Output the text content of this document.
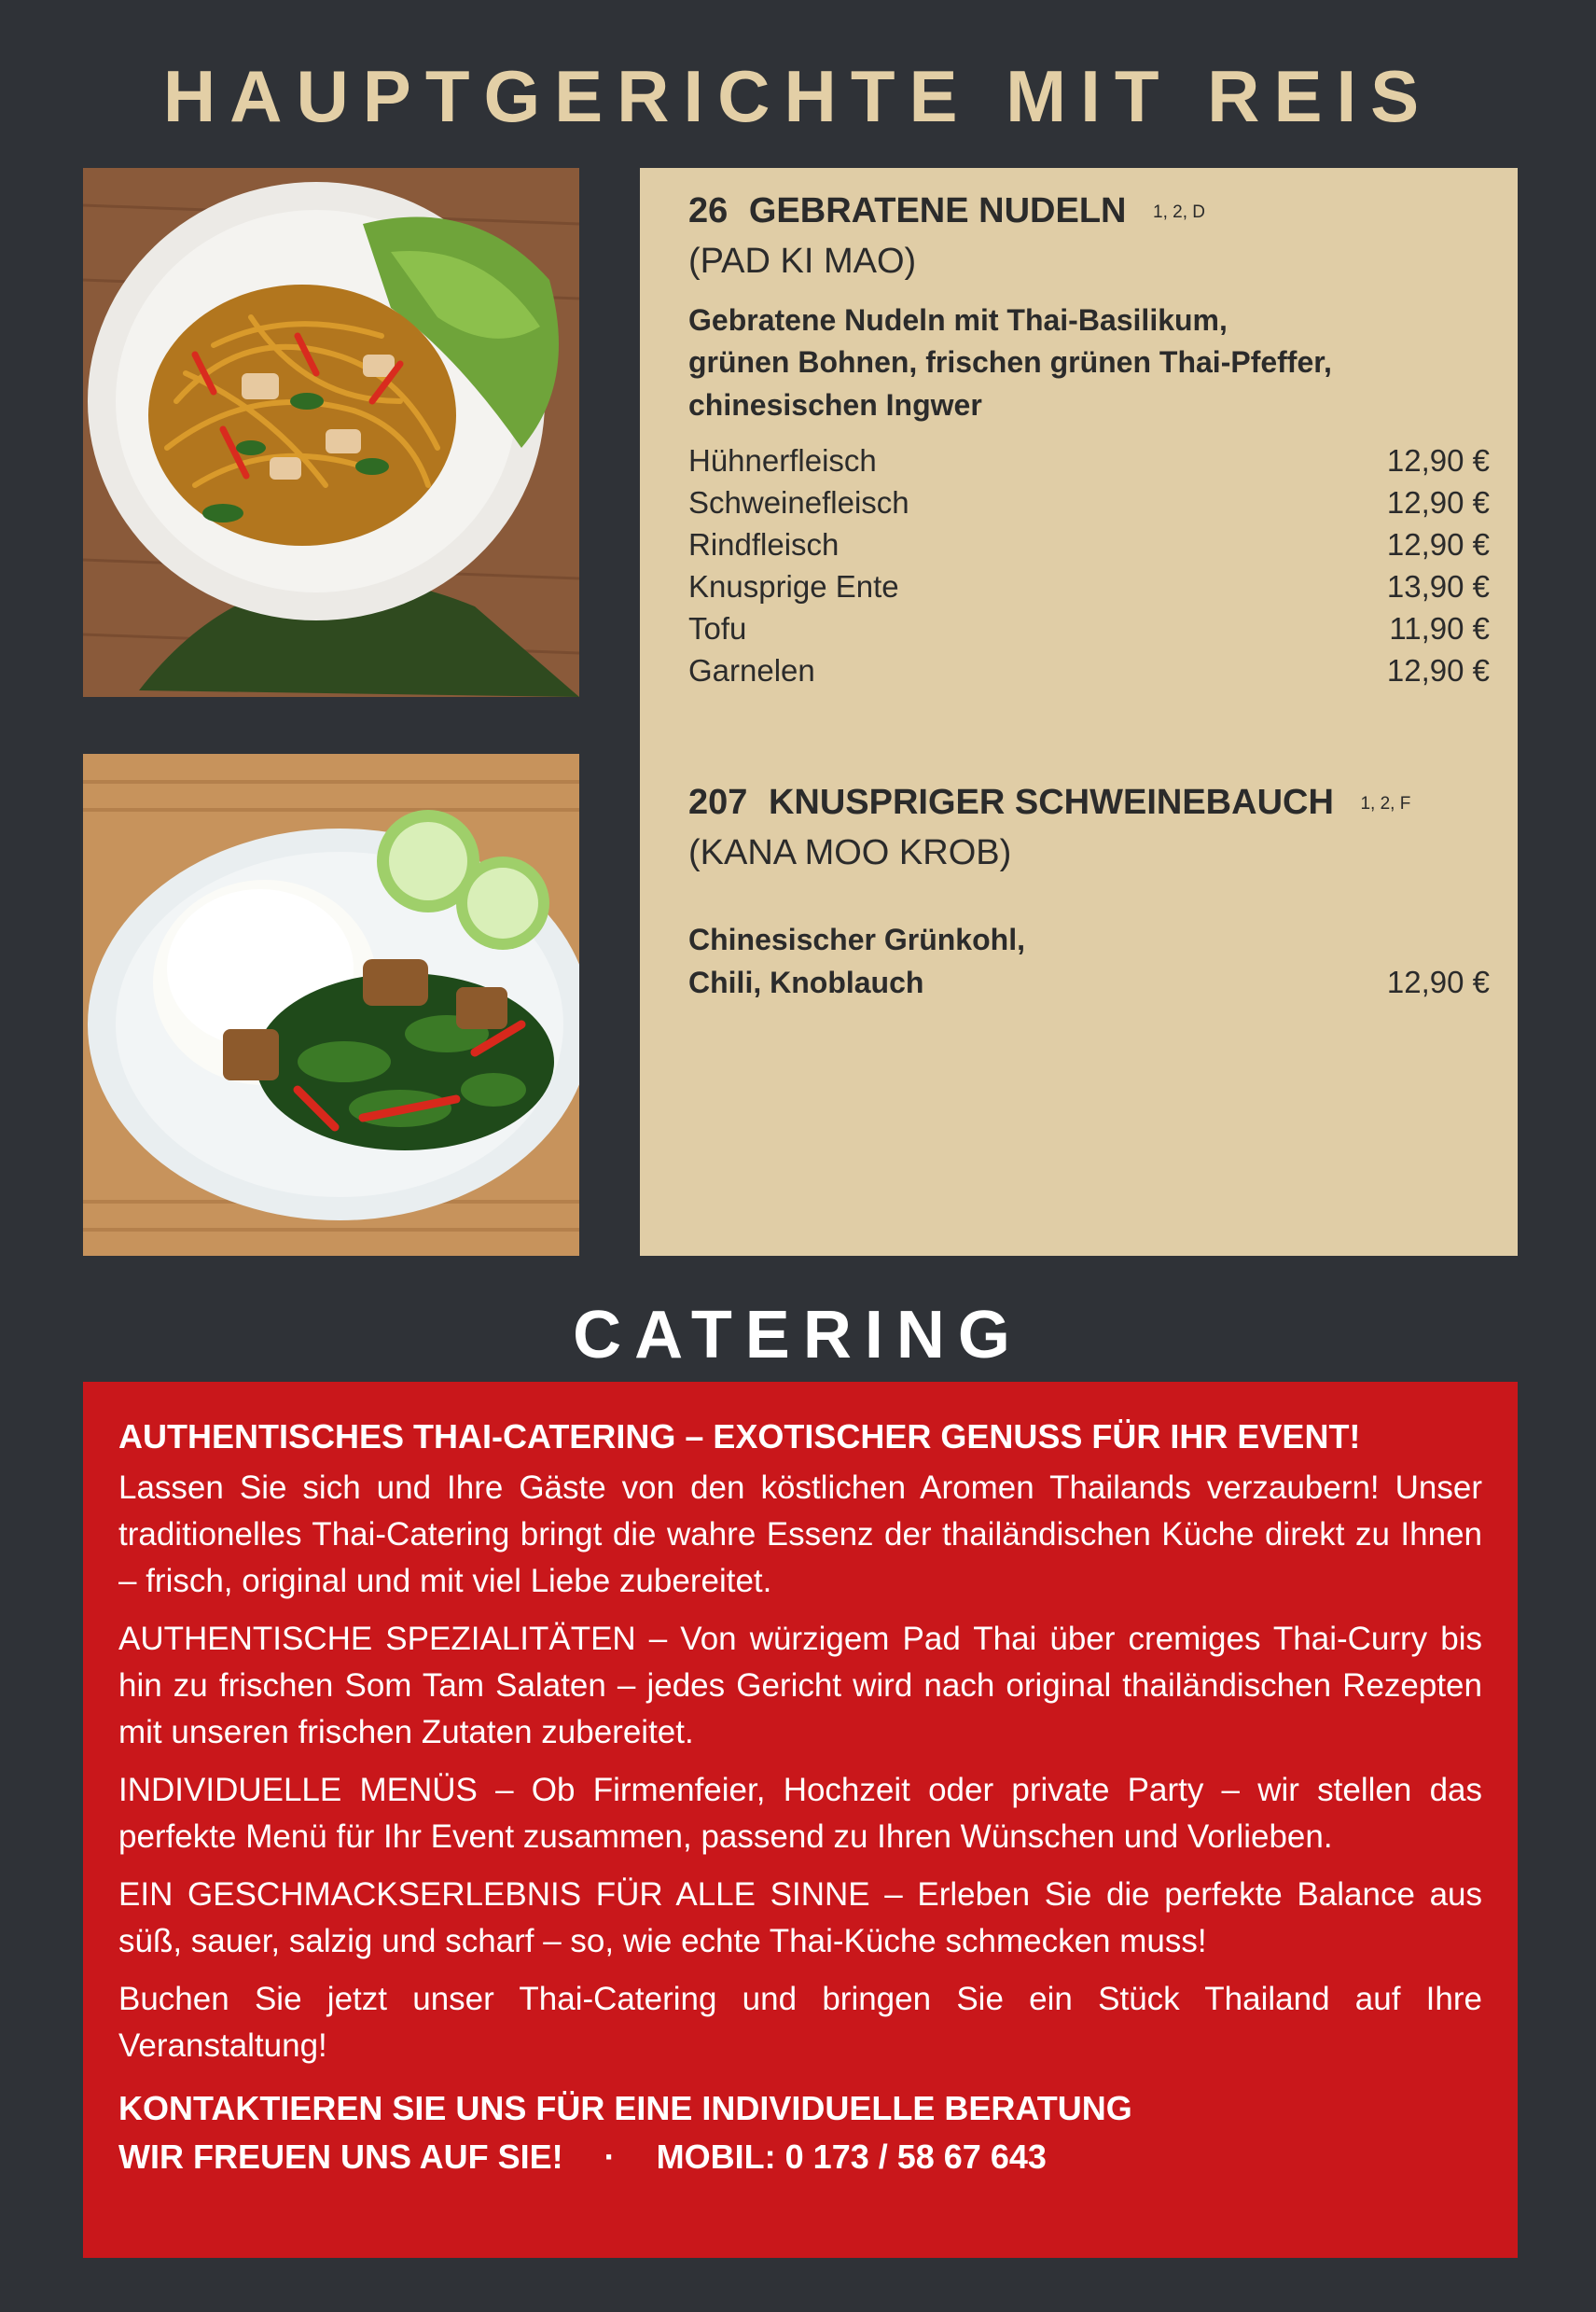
HAUPTGERICHTE MIT REIS
26 GEBRATENE NUDELN 1, 2, D
(PAD KI MAO)
Gebratene Nudeln mit Thai-Basilikum,
grünen Bohnen, frischen grünen Thai-Pfeffer,
chinesischen Ingwer
Hühnerfleisch	12,90 €
Schweinefleisch	12,90 €
Rindfleisch	12,90 €
Knusprige Ente	13,90 €
Tofu	11,90 €
Garnelen	12,90 €
207 KNUSPRIGER SCHWEINEBAUCH 1, 2, F
(KANA MOO KROB)
Chinesischer Grünkohl,
Chili, Knoblauch	12,90 €
CATERING
AUTHENTISCHES THAI-CATERING – EXOTISCHER GENUSS FÜR IHR EVENT!

Lassen Sie sich und Ihre Gäste von den köstlichen Aromen Thailands verzaubern! Unser traditionelles Thai-Catering bringt die wahre Essenz der thailändischen Küche direkt zu Ihnen – frisch, original und mit viel Liebe zubereitet.

AUTHENTISCHE SPEZIALITÄTEN – Von würzigem Pad Thai über cremiges Thai-Curry bis hin zu frischen Som Tam Salaten – jedes Gericht wird nach original thailändischen Rezepten mit unseren frischen Zutaten zubereitet.

INDIVIDUELLE MENÜS – Ob Firmenfeier, Hochzeit oder private Party – wir stellen das perfekte Menü für Ihr Event zusammen, passend zu Ihren Wünschen und Vorlieben.

EIN GESCHMACKSERLEBNIS FÜR ALLE SINNE – Erleben Sie die perfekte Balance aus süß, sauer, salzig und scharf – so, wie echte Thai-Küche schmecken muss!

Buchen Sie jetzt unser Thai-Catering und bringen Sie ein Stück Thailand auf Ihre Veranstaltung!

KONTAKTIEREN SIE UNS FÜR EINE INDIVIDUELLE BERATUNG
WIR FREUEN UNS AUF SIE! · MOBIL: 0 173 / 58 67 643
